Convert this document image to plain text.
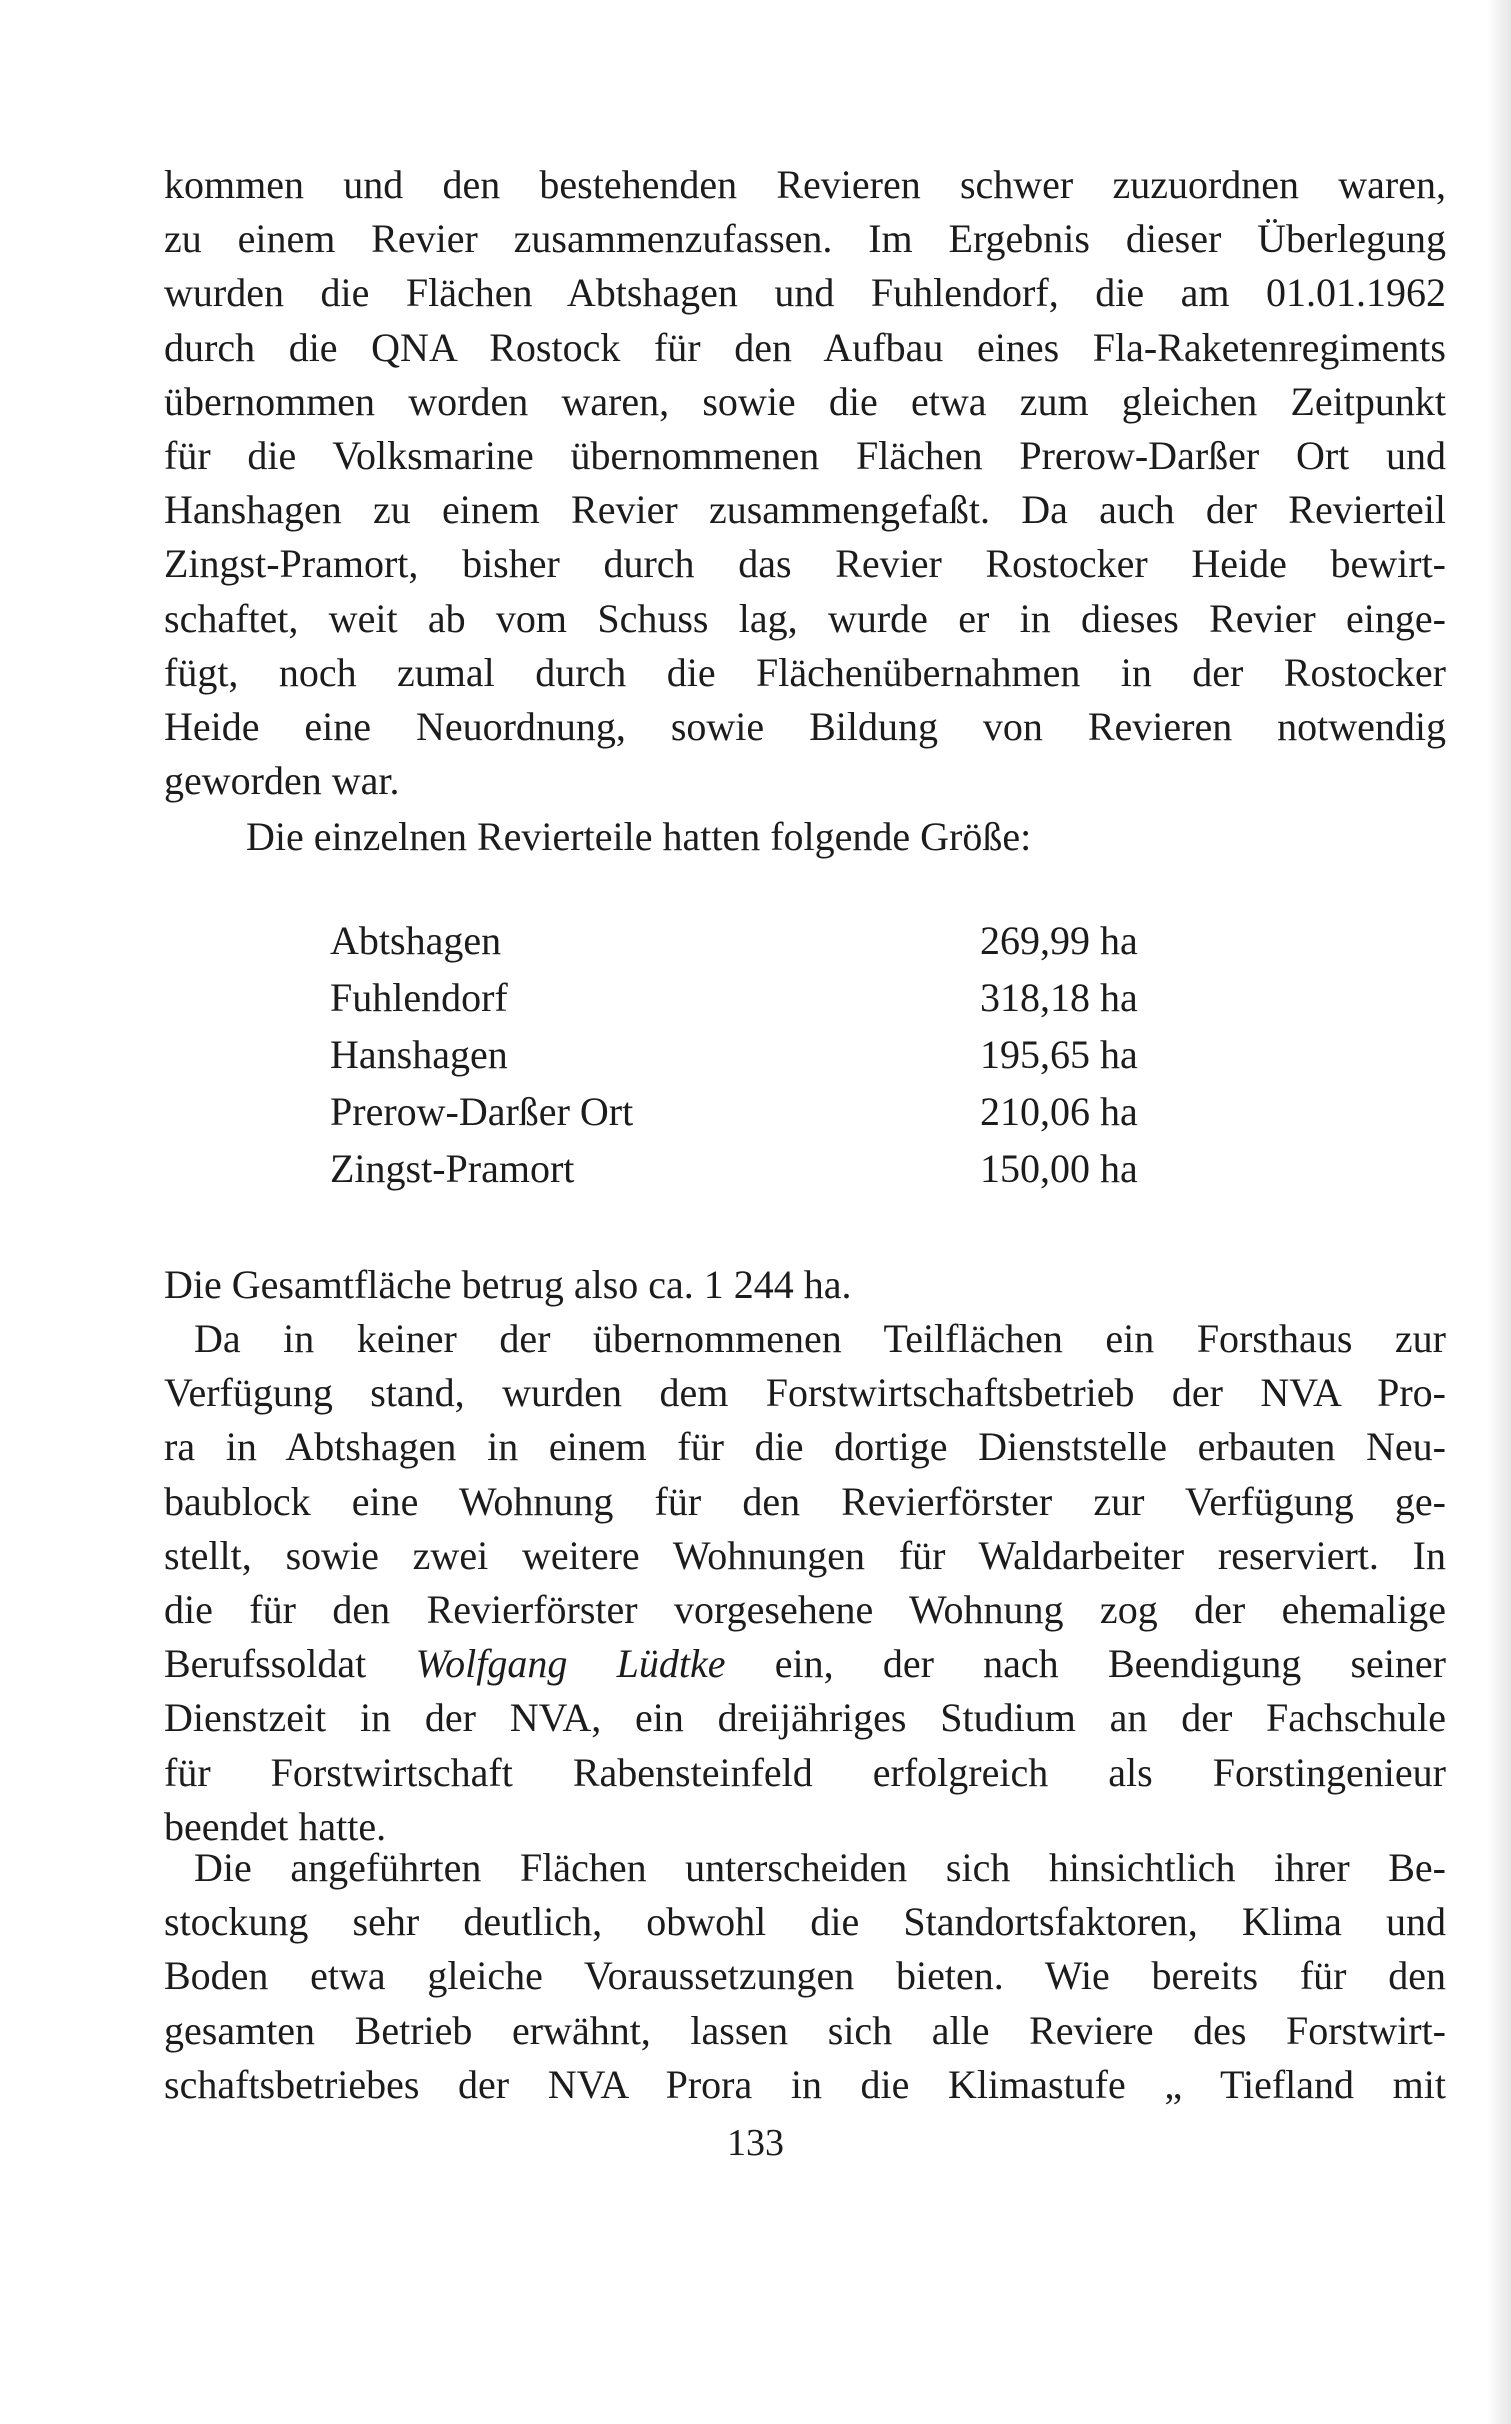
kommen und den bestehenden Revieren schwer zuzuordnen waren,
zu einem Revier zusammenzufassen. Im Ergebnis dieser Überlegung
wurden die Flächen Abtshagen und Fuhlendorf, die am 01.01.1962
durch die QNA Rostock für den Aufbau eines Fla-Raketenregiments
übernommen worden waren, sowie die etwa zum gleichen Zeitpunkt
für die Volksmarine übernommenen Flächen Prerow-Darßer Ort und
Hanshagen zu einem Revier zusammengefaßt. Da auch der Revierteil
Zingst-Pramort, bisher durch das Revier Rostocker Heide bewirt-
schaftet, weit ab vom Schuss lag, wurde er in dieses Revier einge-
fügt, noch zumal durch die Flächenübernahmen in der Rostocker
Heide eine Neuordnung, sowie Bildung von Revieren notwendig
geworden war.
Die einzelnen Revierteile hatten folgende Größe:
Abtshagen	269,99 ha
Fuhlendorf	318,18 ha
Hanshagen	195,65 ha
Prerow-Darßer Ort	210,06 ha
Zingst-Pramort	150,00 ha
Die Gesamtfläche betrug also ca. 1 244 ha.
Da in keiner der übernommenen Teilflächen ein Forsthaus zur
Verfügung stand, wurden dem Forstwirtschaftsbetrieb der NVA Pro-
ra in Abtshagen in einem für die dortige Dienststelle erbauten Neu-
baublock eine Wohnung für den Revierförster zur Verfügung ge-
stellt, sowie zwei weitere Wohnungen für Waldarbeiter reserviert. In
die für den Revierförster vorgesehene Wohnung zog der ehemalige
Berufssoldat Wolfgang Lüdtke ein, der nach Beendigung seiner
Dienstzeit in der NVA, ein dreijähriges Studium an der Fachschule
für Forstwirtschaft Rabensteinfeld erfolgreich als Forstingenieur
beendet hatte.
Die angeführten Flächen unterscheiden sich hinsichtlich ihrer Be-
stockung sehr deutlich, obwohl die Standortsfaktoren, Klima und
Boden etwa gleiche Voraussetzungen bieten. Wie bereits für den
gesamten Betrieb erwähnt, lassen sich alle Reviere des Forstwirt-
schaftsbetriebes der NVA Prora in die Klimastufe „ Tiefland mit
133
